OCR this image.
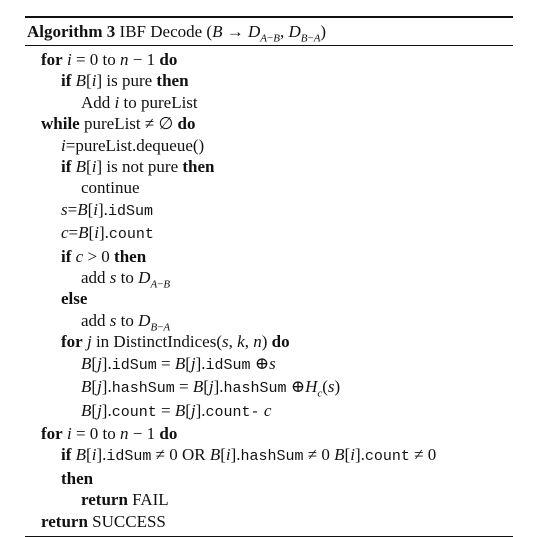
Algorithm 3 IBF Decode ($B \to D_{A-B}$, $D_{B-A}$)
for i = 0 to n − 1 do
if B[i] is pure then
Add i to pureList
while pureList ≠ ∅ do
i=pureList.dequeue()
if B[i] is not pure then
continue
s=B[i].idSum
c=B[i].count
if c > 0 then
add s to $D_{A-B}$
else
add s to $D_{B-A}$
for j in DistinctIndices(s, k, n) do
B[j].idSum = B[j].idSum ⊕s
B[j].hashSum = B[j].hashSum $\oplus H_c(s)$
B[j].count = B[j].count- c
for i = 0 to n − 1 do
if B[i].idSum ≠ 0 OR B[i].hashSum ≠ 0 B[i].count ≠ 0
then
return FAIL
return SUCCESS
